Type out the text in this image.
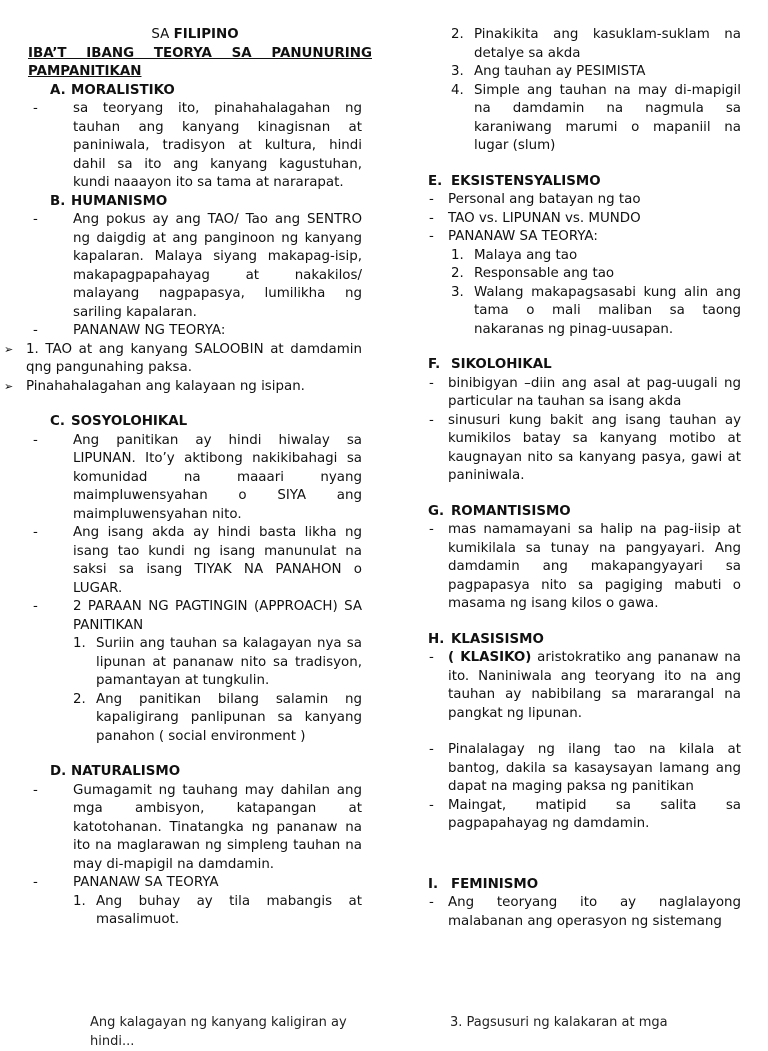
SA FILIPINO
IBA’T IBANG TEORYA SA PANUNURING
PAMPANITIKAN
A. MORALISTIKO
- sa teoryang ito, pinahahalagahan ng tauhan ang kanyang kinagisnan at paniniwala, tradisyon at kultura, hindi dahil sa ito ang kanyang kagustuhan, kundi naaayon ito sa tama at nararapat.
B. HUMANISMO
- Ang pokus ay ang TAO/ Tao ang SENTRO ng daigdig at ang panginoon ng kanyang kapalaran. Malaya siyang makapag-isip, makapagpapahayag at nakakilos/ malayang nagpapasya, lumilikha ng sariling kapalaran.
- PANANAW NG TEORYA:
➢ 1. TAO at ang kanyang SALOOBIN at damdamin qng pangunahing paksa.
➢ Pinahahalagahan ang kalayaan ng isipan.
C. SOSYOLOHIKAL
- Ang panitikan ay hindi hiwalay sa LIPUNAN. Ito’y aktibong nakikibahagi sa komunidad na maaari nyang maimpluwensyahan o SIYA ang maimpluwensyahan nito.
- Ang isang akda ay hindi basta likha ng isang tao kundi ng isang manunulat na saksi sa isang TIYAK NA PANAHON o LUGAR.
- 2 PARAAN NG PAGTINGIN (APPROACH) SA PANITIKAN
1. Suriin ang tauhan sa kalagayan nya sa lipunan at pananaw nito sa tradisyon, pamantayan at tungkulin.
2. Ang panitikan bilang salamin ng kapaligirang panlipunan sa kanyang panahon ( social environment )
D. NATURALISMO
- Gumagamit ng tauhang may dahilan ang mga ambisyon, katapangan at katotohanan. Tinatangka ng pananaw na ito na maglarawan ng simpleng tauhan na may di-mapigil na damdamin.
- PANANAW SA TEORYA
1. Ang buhay ay tila mabangis at masalimuot.
Ang kalagayan ng kanyang kaligiran ay hindi...
2. Pinakikita ang kasuklam-suklam na detalye sa akda
3. Ang tauhan ay PESIMISTA
4. Simple ang tauhan na may di-mapigil na damdamin na nagmula sa karaniwang marumi o mapaniil na lugar (slum)
E. EKSISTENSYALISMO
- Personal ang batayan ng tao
- TAO vs. LIPUNAN vs. MUNDO
- PANANAW SA TEORYA:
1. Malaya ang tao
2. Responsable ang tao
3. Walang makapagsasabi kung alin ang tama o mali maliban sa taong nakaranas ng pinag-uusapan.
F. SIKOLOHIKAL
- binibigyan –diin ang asal at pag-uugali ng particular na tauhan sa isang akda
- sinusuri kung bakit ang isang tauhan ay kumikilos batay sa kanyang motibo at kaugnayan nito sa kanyang pasya, gawi at paniniwala.
G. ROMANTISISMO
- mas namamayani sa halip na pag-iisip at kumikilala sa tunay na pangyayari. Ang damdamin ang makapangyayari sa pagpapasya nito sa pagiging mabuti o masama ng isang kilos o gawa.
H. KLASISISMO
- ( KLASIKO) aristokratiko ang pananaw na ito. Naniniwala ang teoryang ito na ang tauhan ay nabibilang sa mararangal na pangkat ng lipunan.
- Pinalalagay ng ilang tao na kilala at bantog, dakila sa kasaysayan lamang ang dapat na maging paksa ng panitikan
- Maingat, matipid sa salita sa pagpapahayag ng damdamin.
I. FEMINISMO
- Ang teoryang ito ay naglalayong malabanan ang operasyon ng sistemang
3. Pagsusuri ng kalakaran at mga
